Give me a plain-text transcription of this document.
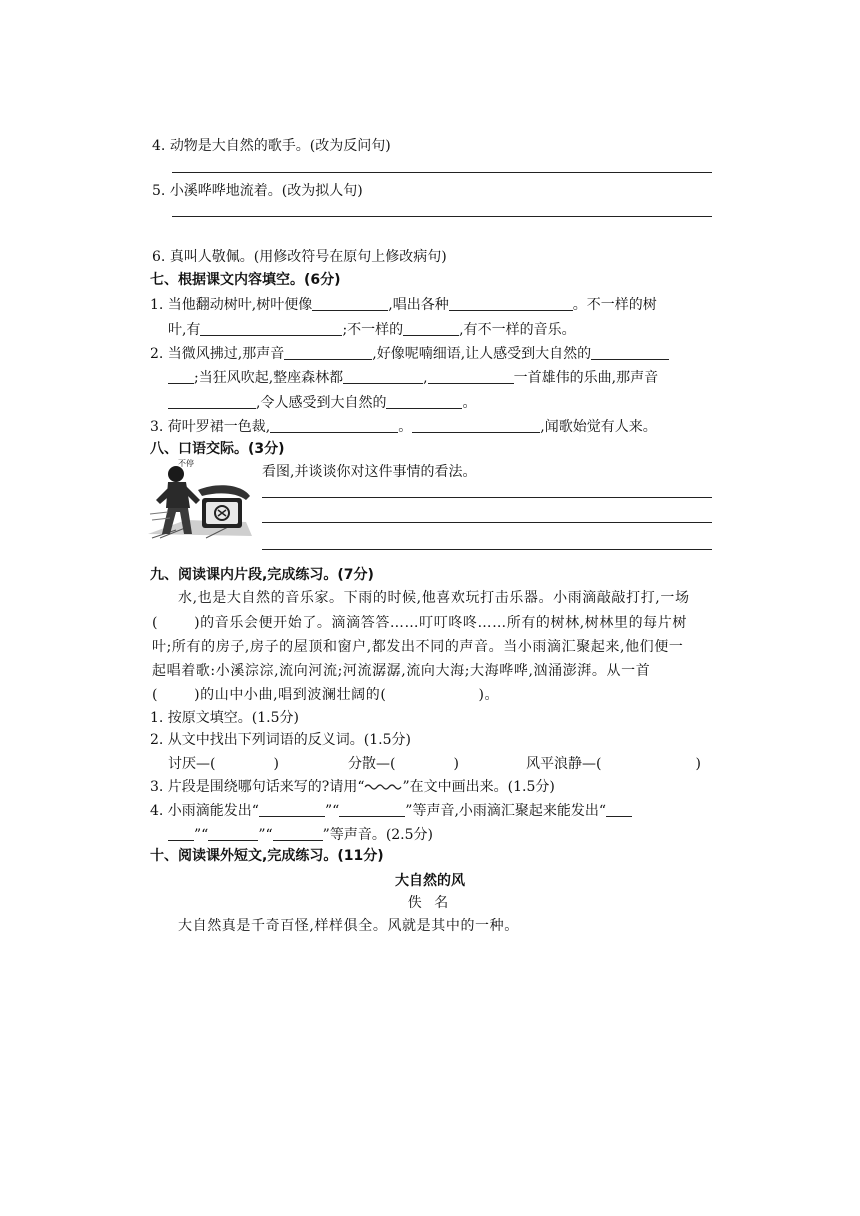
4. 动物是大自然的歌手。(改为反问句)
5. 小溪哗哗地流着。(改为拟人句)
6. 真叫人敬佩。(用修改符号在原句上修改病句)
七、根据课文内容填空。(6分)
1. 当他翻动树叶,树叶便像	,唱出各种	。不一样的树
叶,有	;不一样的	,有不一样的音乐。
2. 当微风拂过,那声音	,好像呢喃细语,让人感受到大自然的
;当狂风吹起,整座森林都	,	一首雄伟的乐曲,那声音
,令人感受到大自然的	。
3. 荷叶罗裙一色裁,	。	,闻歌始觉有人来。
八、口语交际。(3分)
不停
看图,并谈谈你对这件事情的看法。
九、阅读课内片段,完成练习。(7分)
水,也是大自然的音乐家。下雨的时候,他喜欢玩打击乐器。小雨滴敲敲打打,一场
(	)的音乐会便开始了。滴滴答答……叮叮咚咚……所有的树林,树林里的每片树
叶;所有的房子,房子的屋顶和窗户,都发出不同的声音。当小雨滴汇聚起来,他们便一
起唱着歌:小溪淙淙,流向河流;河流潺潺,流向大海;大海哗哗,汹涌澎湃。从一首
(	)的山中小曲,唱到波澜壮阔的(	)。
1. 按原文填空。(1.5分)
2. 从文中找出下列词语的反义词。(1.5分)
讨厌—(	)	分散—(	)	风平浪静—(	)
3. 片段是围绕哪句话来写的?请用“	”在文中画出来。(1.5分)
4. 小雨滴能发出“	”“	”等声音,小雨滴汇聚起来能发出“
”“	”“	”等声音。(2.5分)
十、阅读课外短文,完成练习。(11分)
大自然的风
佚 名
大自然真是千奇百怪,样样俱全。风就是其中的一种。
